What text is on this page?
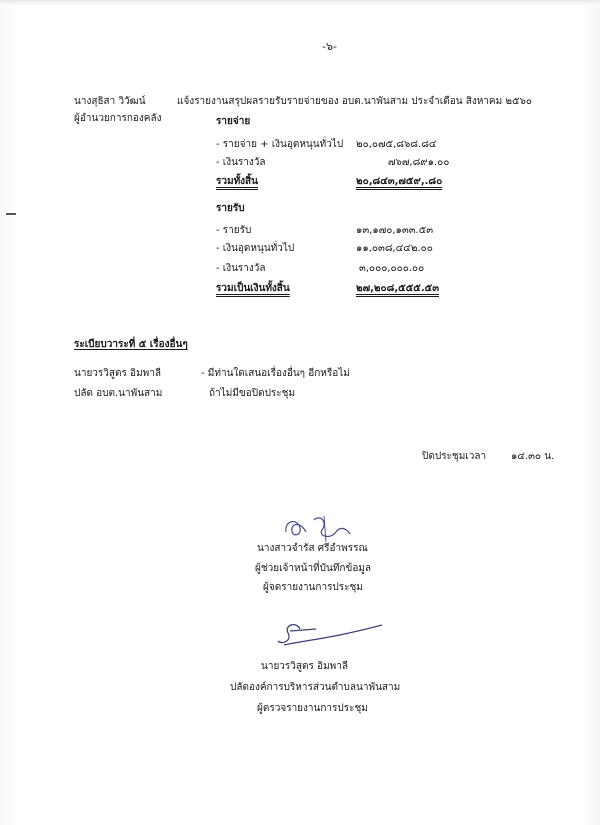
-๖-
นางสุธิสา วิวัฒน์
ผู้อำนวยการกองคลัง
แจ้งรายงานสรุปผลรายรับรายจ่ายของ อบต.นาพันสาม ประจำเดือน สิงหาคม ๒๕๖๐
รายจ่าย
- รายจ่าย + เงินอุดหนุนทั่วไป ๒๐,๐๗๕,๘๖๘.๘๔
- เงินรางวัล	๗๖๗,๘๙๑.๐๐
รวมทั้งสิ้น	๒๐,๘๔๓,๗๕๙,.๘๐
รายรับ
- รายรับ	๑๓,๑๗๐,๑๓๓.๕๓
- เงินอุดหนุนทั่วไป	๑๑,๐๓๘,๔๔๒.๐๐
- เงินรางวัล	๓,๐๐๐,๐๐๐.๐๐
รวมเป็นเงินทั้งสิ้น	๒๗,๒๐๘,๕๕๕.๕๓
ระเบียบวาระที่ ๕ เรื่องอื่นๆ
นายวรวิสูตร อิมพาลี
ปลัด อบต.นาพันสาม
- มีท่านใดเสนอเรื่องอื่นๆ อีกหรือไม่
ถ้าไม่มีขอปิดประชุม
ปิดประชุมเวลา ๑๔.๓๐ น.
นางสาวจำรัส ศรีอำพรรณ
ผู้ช่วยเจ้าหน้าที่บันทึกข้อมูล
ผู้จดรายงานการประชุม
นายวรวิสูตร อิมพาลี
ปลัดองค์การบริหารส่วนตำบลนาพันสาม
ผู้ตรวจรายงานการประชุม
